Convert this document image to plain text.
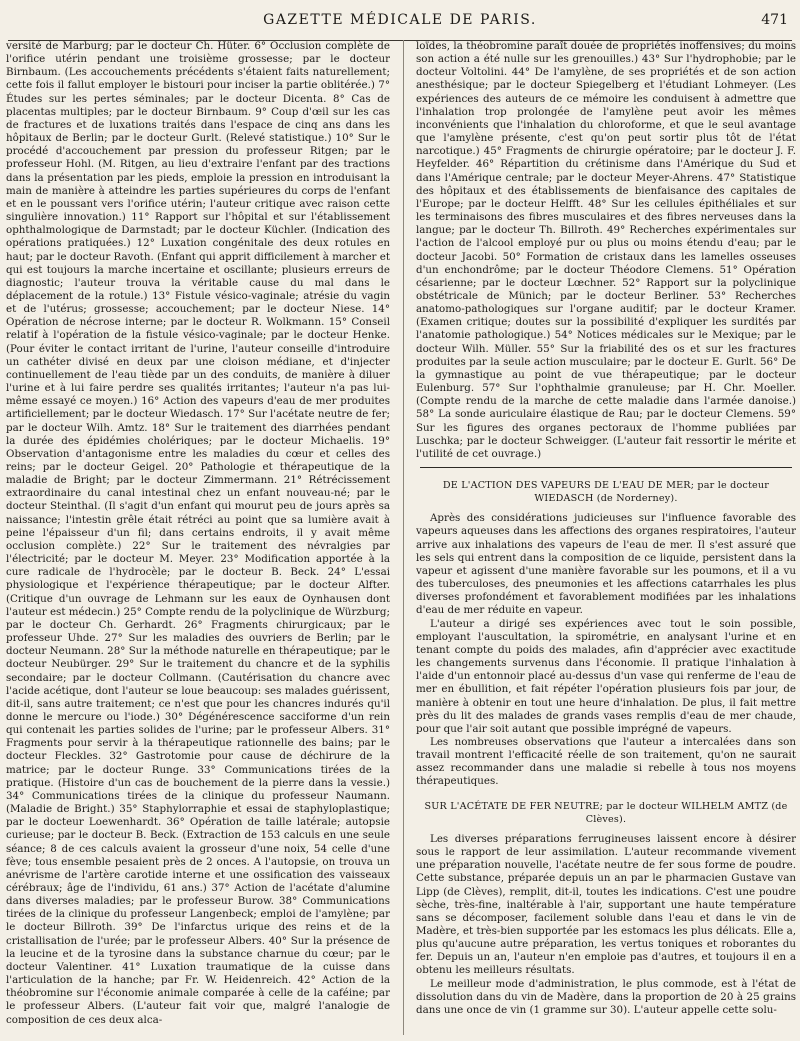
GAZETTE MÉDICALE DE PARIS.	471

versité de Marburg; par le docteur Ch. Hüter. 6° Occlusion complète de l'orifice utérin pendant une troisième grossesse; par le docteur Birnbaum. (Les accouchements précédents s'étaient faits naturellement; cette fois il fallut employer le bistouri pour inciser la partie oblitérée.) 7° Études sur les pertes séminales; par le docteur Dicenta. 8° Cas de placentas multiples; par le docteur Birnbaum. 9° Coup d'œil sur les cas de fractures et de luxations traités dans l'espace de cinq ans dans les hôpitaux de Berlin; par le docteur Gurlt. (Relevé statistique.) 10° Sur le procédé d'accouchement par pression du professeur Ritgen; par le professeur Hohl. (M. Ritgen, au lieu d'extraire l'enfant par des tractions dans la présentation par les pieds, emploie la pression en introduisant la main de manière à atteindre les parties supérieures du corps de l'enfant et en le poussant vers l'orifice utérin; l'auteur critique avec raison cette singulière innovation.) 11° Rapport sur l'hôpital et sur l'établissement ophthalmologique de Darmstadt; par le docteur Küchler. (Indication des opérations pratiquées.) 12° Luxation congénitale des deux rotules en haut; par le docteur Ravoth. (Enfant qui apprit difficilement à marcher et qui est toujours la marche incertaine et oscillante; plusieurs erreurs de diagnostic; l'auteur trouva la véritable cause du mal dans le déplacement de la rotule.) 13° Fistule vésico-vaginale; atrésie du vagin et de l'utérus; grossesse; accouchement; par le docteur Niese. 14° Opération de nécrose interne; par le docteur R. Wolkmann. 15° Conseil relatif à l'opération de la fistule vésico-vaginale; par le docteur Henke. (Pour éviter le contact irritant de l'urine, l'auteur conseille d'introduire un cathéter divisé en deux par une cloison médiane, et d'injecter continuellement de l'eau tiède par un des conduits, de manière à diluer l'urine et à lui faire perdre ses qualités irritantes; l'auteur n'a pas lui-même essayé ce moyen.) 16° Action des vapeurs d'eau de mer produites artificiellement; par le docteur Wiedasch. 17° Sur l'acétate neutre de fer; par le docteur Wilh. Amtz. 18° Sur le traitement des diarrhées pendant la durée des épidémies cholériques; par le docteur Michaelis. 19° Observation d'antagonisme entre les maladies du cœur et celles des reins; par le docteur Geigel. 20° Pathologie et thérapeutique de la maladie de Bright; par le docteur Zimmermann. 21° Rétrécissement extraordinaire du canal intestinal chez un enfant nouveau-né; par le docteur Steinthal. (Il s'agit d'un enfant qui mourut peu de jours après sa naissance; l'intestin grêle était rétréci au point que sa lumière avait à peine l'épaisseur d'un fil; dans certains endroits, il y avait même occlusion complète.) 22° Sur le traitement des névralgies par l'électricité; par le docteur M. Meyer. 23° Modification apportée à la cure radicale de l'hydrocèle; par le docteur B. Beck. 24° L'essai physiologique et l'expérience thérapeutique; par le docteur Alfter. (Critique d'un ouvrage de Lehmann sur les eaux de Oynhausen dont l'auteur est médecin.) 25° Compte rendu de la polyclinique de Würzburg; par le docteur Ch. Gerhardt. 26° Fragments chirurgicaux; par le professeur Uhde. 27° Sur les maladies des ouvriers de Berlin; par le docteur Neumann. 28° Sur la méthode naturelle en thérapeutique; par le docteur Neubürger. 29° Sur le traitement du chancre et de la syphilis secondaire; par le docteur Collmann. (Cautérisation du chancre avec l'acide acétique, dont l'auteur se loue beaucoup: ses malades guérissent, dit-il, sans autre traitement; ce n'est que pour les chancres indurés qu'il donne le mercure ou l'iode.) 30° Dégénérescence sacciforme d'un rein qui contenait les parties solides de l'urine; par le professeur Albers. 31° Fragments pour servir à la thérapeutique rationnelle des bains; par le docteur Fleckles. 32° Gastrotomie pour cause de déchirure de la matrice; par le docteur Runge. 33° Communications tirées de la pratique. (Histoire d'un cas de bouchement de la pierre dans la vessie.) 34° Communications tirées de la clinique du professeur Naumann. (Maladie de Bright.) 35° Staphylorraphie et essai de staphyloplastique; par le docteur Loewenhardt. 36° Opération de taille latérale; autopsie curieuse; par le docteur B. Beck. (Extraction de 153 calculs en une seule séance; 8 de ces calculs avaient la grosseur d'une noix, 54 celle d'une fève; tous ensemble pesaient près de 2 onces. A l'autopsie, on trouva un anévrisme de l'artère carotide interne et une ossification des vaisseaux cérébraux; âge de l'individu, 61 ans.) 37° Action de l'acétate d'alumine dans diverses maladies; par le professeur Burow. 38° Communications tirées de la clinique du professeur Langenbeck; emploi de l'amylène; par le docteur Billroth. 39° De l'infarctus urique des reins et de la cristallisation de l'urée; par le professeur Albers. 40° Sur la présence de la leucine et de la tyrosine dans la substance charnue du cœur; par le docteur Valentiner. 41° Luxation traumatique de la cuisse dans l'articulation de la hanche; par Fr. W. Heidenreich. 42° Action de la théobromine sur l'économie animale comparée à celle de la caféine; par le professeur Albers. (L'auteur fait voir que, malgré l'analogie de composition de ces deux alca-

loïdes, la théobromine paraît douée de propriétés inoffensives; du moins son action a été nulle sur les grenouilles.) 43° Sur l'hydrophobie; par le docteur Voltolini. 44° De l'amylène, de ses propriétés et de son action anesthésique; par le docteur Spiegelberg et l'étudiant Lohmeyer. (Les expériences des auteurs de ce mémoire les conduisent à admettre que l'inhalation trop prolongée de l'amylène peut avoir les mêmes inconvénients que l'inhalation du chloroforme, et que le seul avantage que l'amylène présente, c'est qu'on peut sortir plus tôt de l'état narcotique.) 45° Fragments de chirurgie opératoire; par le docteur J. F. Heyfelder. 46° Répartition du crétinisme dans l'Amérique du Sud et dans l'Amérique centrale; par le docteur Meyer-Ahrens. 47° Statistique des hôpitaux et des établissements de bienfaisance des capitales de l'Europe; par le docteur Helfft. 48° Sur les cellules épithéliales et sur les terminaisons des fibres musculaires et des fibres nerveuses dans la langue; par le docteur Th. Billroth. 49° Recherches expérimentales sur l'action de l'alcool employé pur ou plus ou moins étendu d'eau; par le docteur Jacobi. 50° Formation de cristaux dans les lamelles osseuses d'un enchondrôme; par le docteur Théodore Clemens. 51° Opération césarienne; par le docteur Lœchner. 52° Rapport sur la polyclinique obstétricale de Münich; par le docteur Berliner. 53° Recherches anatomo-pathologiques sur l'organe auditif; par le docteur Kramer. (Examen critique; doutes sur la possibilité d'expliquer les surdités par l'anatomie pathologique.) 54° Notices médicales sur le Mexique; par le docteur Wilh. Müller. 55° Sur la friabilité des os et sur les fractures produites par la seule action musculaire; par le docteur E. Gurlt. 56° De la gymnastique au point de vue thérapeutique; par le docteur Eulenburg. 57° Sur l'ophthalmie granuleuse; par H. Chr. Moeller. (Compte rendu de la marche de cette maladie dans l'armée danoise.) 58° La sonde auriculaire élastique de Rau; par le docteur Clemens. 59° Sur les figures des organes pectoraux de l'homme publiées par Luschka; par le docteur Schweigger. (L'auteur fait ressortir le mérite et l'utilité de cet ouvrage.)

DE L'ACTION DES VAPEURS DE L'EAU DE MER; par le docteur WIEDASCH (de Norderney).

Après des considérations judicieuses sur l'influence favorable des vapeurs aqueuses dans les affections des organes respiratoires, l'auteur arrive aux inhalations des vapeurs de l'eau de mer. Il s'est assuré que les sels qui entrent dans la composition de ce liquide, persistent dans la vapeur et agissent d'une manière favorable sur les poumons, et il a vu des tuberculoses, des pneumonies et les affections catarrhales les plus diverses profondément et favorablement modifiées par les inhalations d'eau de mer réduite en vapeur.

L'auteur a dirigé ses expériences avec tout le soin possible, employant l'auscultation, la spirométrie, en analysant l'urine et en tenant compte du poids des malades, afin d'apprécier avec exactitude les changements survenus dans l'économie. Il pratique l'inhalation à l'aide d'un entonnoir placé au-dessus d'un vase qui renferme de l'eau de mer en ébullition, et fait répéter l'opération plusieurs fois par jour, de manière à obtenir en tout une heure d'inhalation. De plus, il fait mettre près du lit des malades de grands vases remplis d'eau de mer chaude, pour que l'air soit autant que possible imprégné de vapeurs.

Les nombreuses observations que l'auteur a intercalées dans son travail montrent l'efficacité réelle de son traitement, qu'on ne saurait assez recommander dans une maladie si rebelle à tous nos moyens thérapeutiques.

SUR L'ACÉTATE DE FER NEUTRE; par le docteur WILHELM AMTZ (de Clèves).

Les diverses préparations ferrugineuses laissent encore à désirer sous le rapport de leur assimilation. L'auteur recommande vivement une préparation nouvelle, l'acétate neutre de fer sous forme de poudre. Cette substance, préparée depuis un an par le pharmacien Gustave van Lipp (de Clèves), remplit, dit-il, toutes les indications. C'est une poudre sèche, très-fine, inaltérable à l'air, supportant une haute température sans se décomposer, facilement soluble dans l'eau et dans le vin de Madère, et très-bien supportée par les estomacs les plus délicats. Elle a, plus qu'aucune autre préparation, les vertus toniques et roborantes du fer. Depuis un an, l'auteur n'en emploie pas d'autres, et toujours il en a obtenu les meilleurs résultats.

Le meilleur mode d'administration, le plus commode, est à l'état de dissolution dans du vin de Madère, dans la proportion de 20 à 25 grains dans une once de vin (1 gramme sur 30). L'auteur appelle cette solu-
